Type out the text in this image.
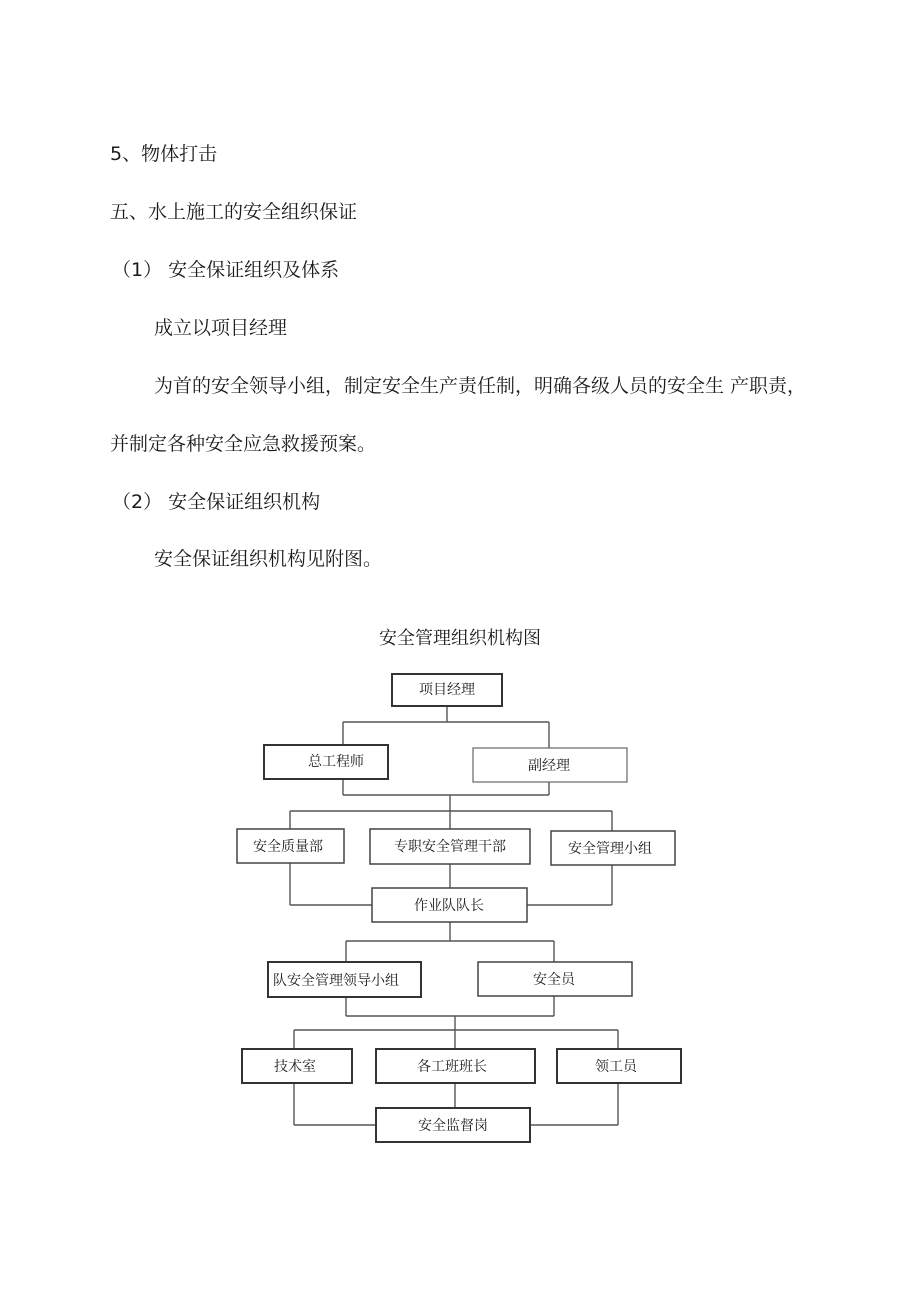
5、物体打击
五、水上施工的安全组织保证
（1） 安全保证组织及体系
成立以项目经理
为首的安全领导小组，制定安全生产责任制，明确各级人员的安全生 产职责，
并制定各种安全应急救援预案。
（2） 安全保证组织机构
安全保证组织机构见附图。
安全管理组织机构图
项目经理
总工程师	副经理
安全质量部	专职安全管理干部	安全管理小组
作业队队长
队安全管理领导小组	安全员
技术室	各工班班长	领工员
安全监督岗
